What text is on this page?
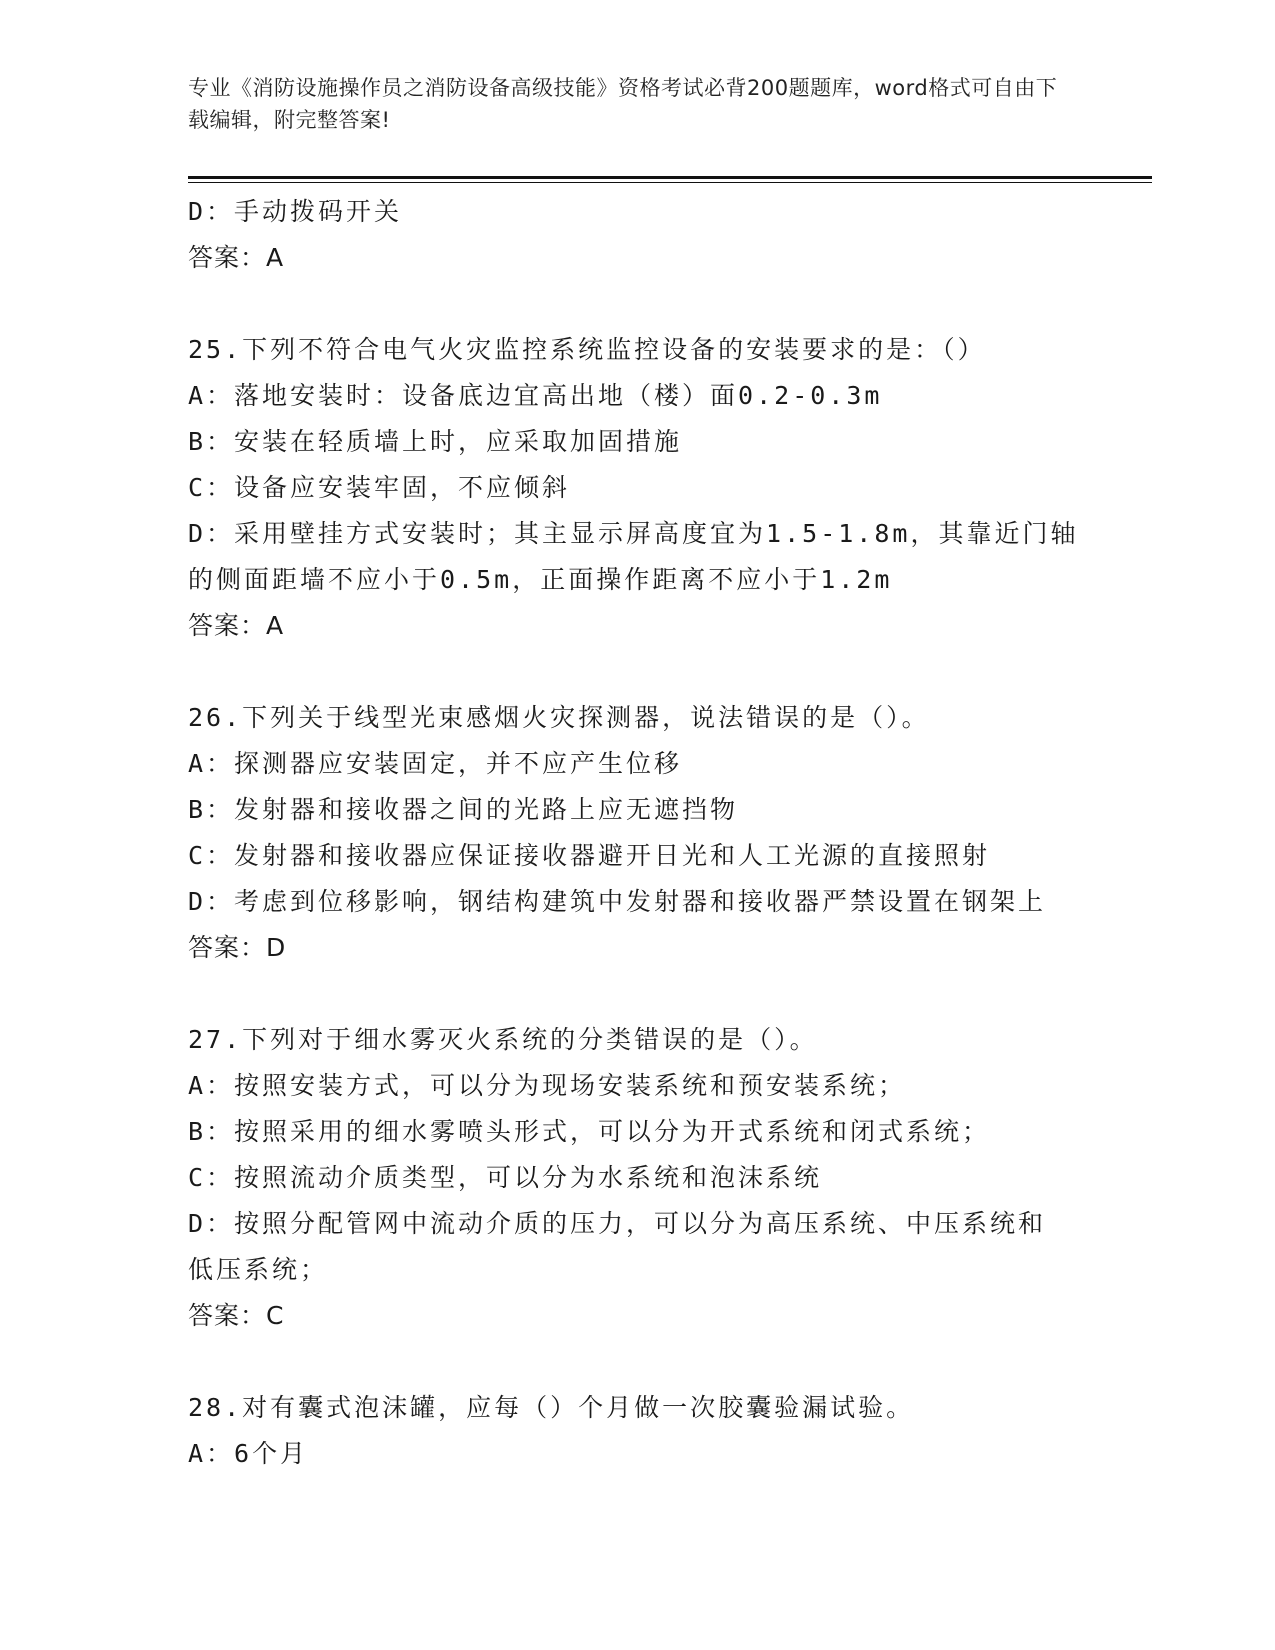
专业《消防设施操作员之消防设备高级技能》资格考试必背200题题库，word格式可自由下载编辑，附完整答案!
D：手动拨码开关
答案：A
25.下列不符合电气火灾监控系统监控设备的安装要求的是：（）
A：落地安装时：设备底边宜高出地（楼）面0.2-0.3m
B：安装在轻质墙上时，应采取加固措施
C：设备应安装牢固，不应倾斜
D：采用壁挂方式安装时；其主显示屏高度宜为1.5-1.8m，其靠近门轴
的侧面距墙不应小于0.5m，正面操作距离不应小于1.2m
答案：A
26.下列关于线型光束感烟火灾探测器，说法错误的是（）。
A：探测器应安装固定，并不应产生位移
B：发射器和接收器之间的光路上应无遮挡物
C：发射器和接收器应保证接收器避开日光和人工光源的直接照射
D：考虑到位移影响，钢结构建筑中发射器和接收器严禁设置在钢架上
答案：D
27.下列对于细水雾灭火系统的分类错误的是（）。
A：按照安装方式，可以分为现场安装系统和预安装系统；
B：按照采用的细水雾喷头形式，可以分为开式系统和闭式系统；
C：按照流动介质类型，可以分为水系统和泡沫系统
D：按照分配管网中流动介质的压力，可以分为高压系统、中压系统和
低压系统；
答案：C
28.对有囊式泡沫罐，应每（）个月做一次胶囊验漏试验。
A：6个月
